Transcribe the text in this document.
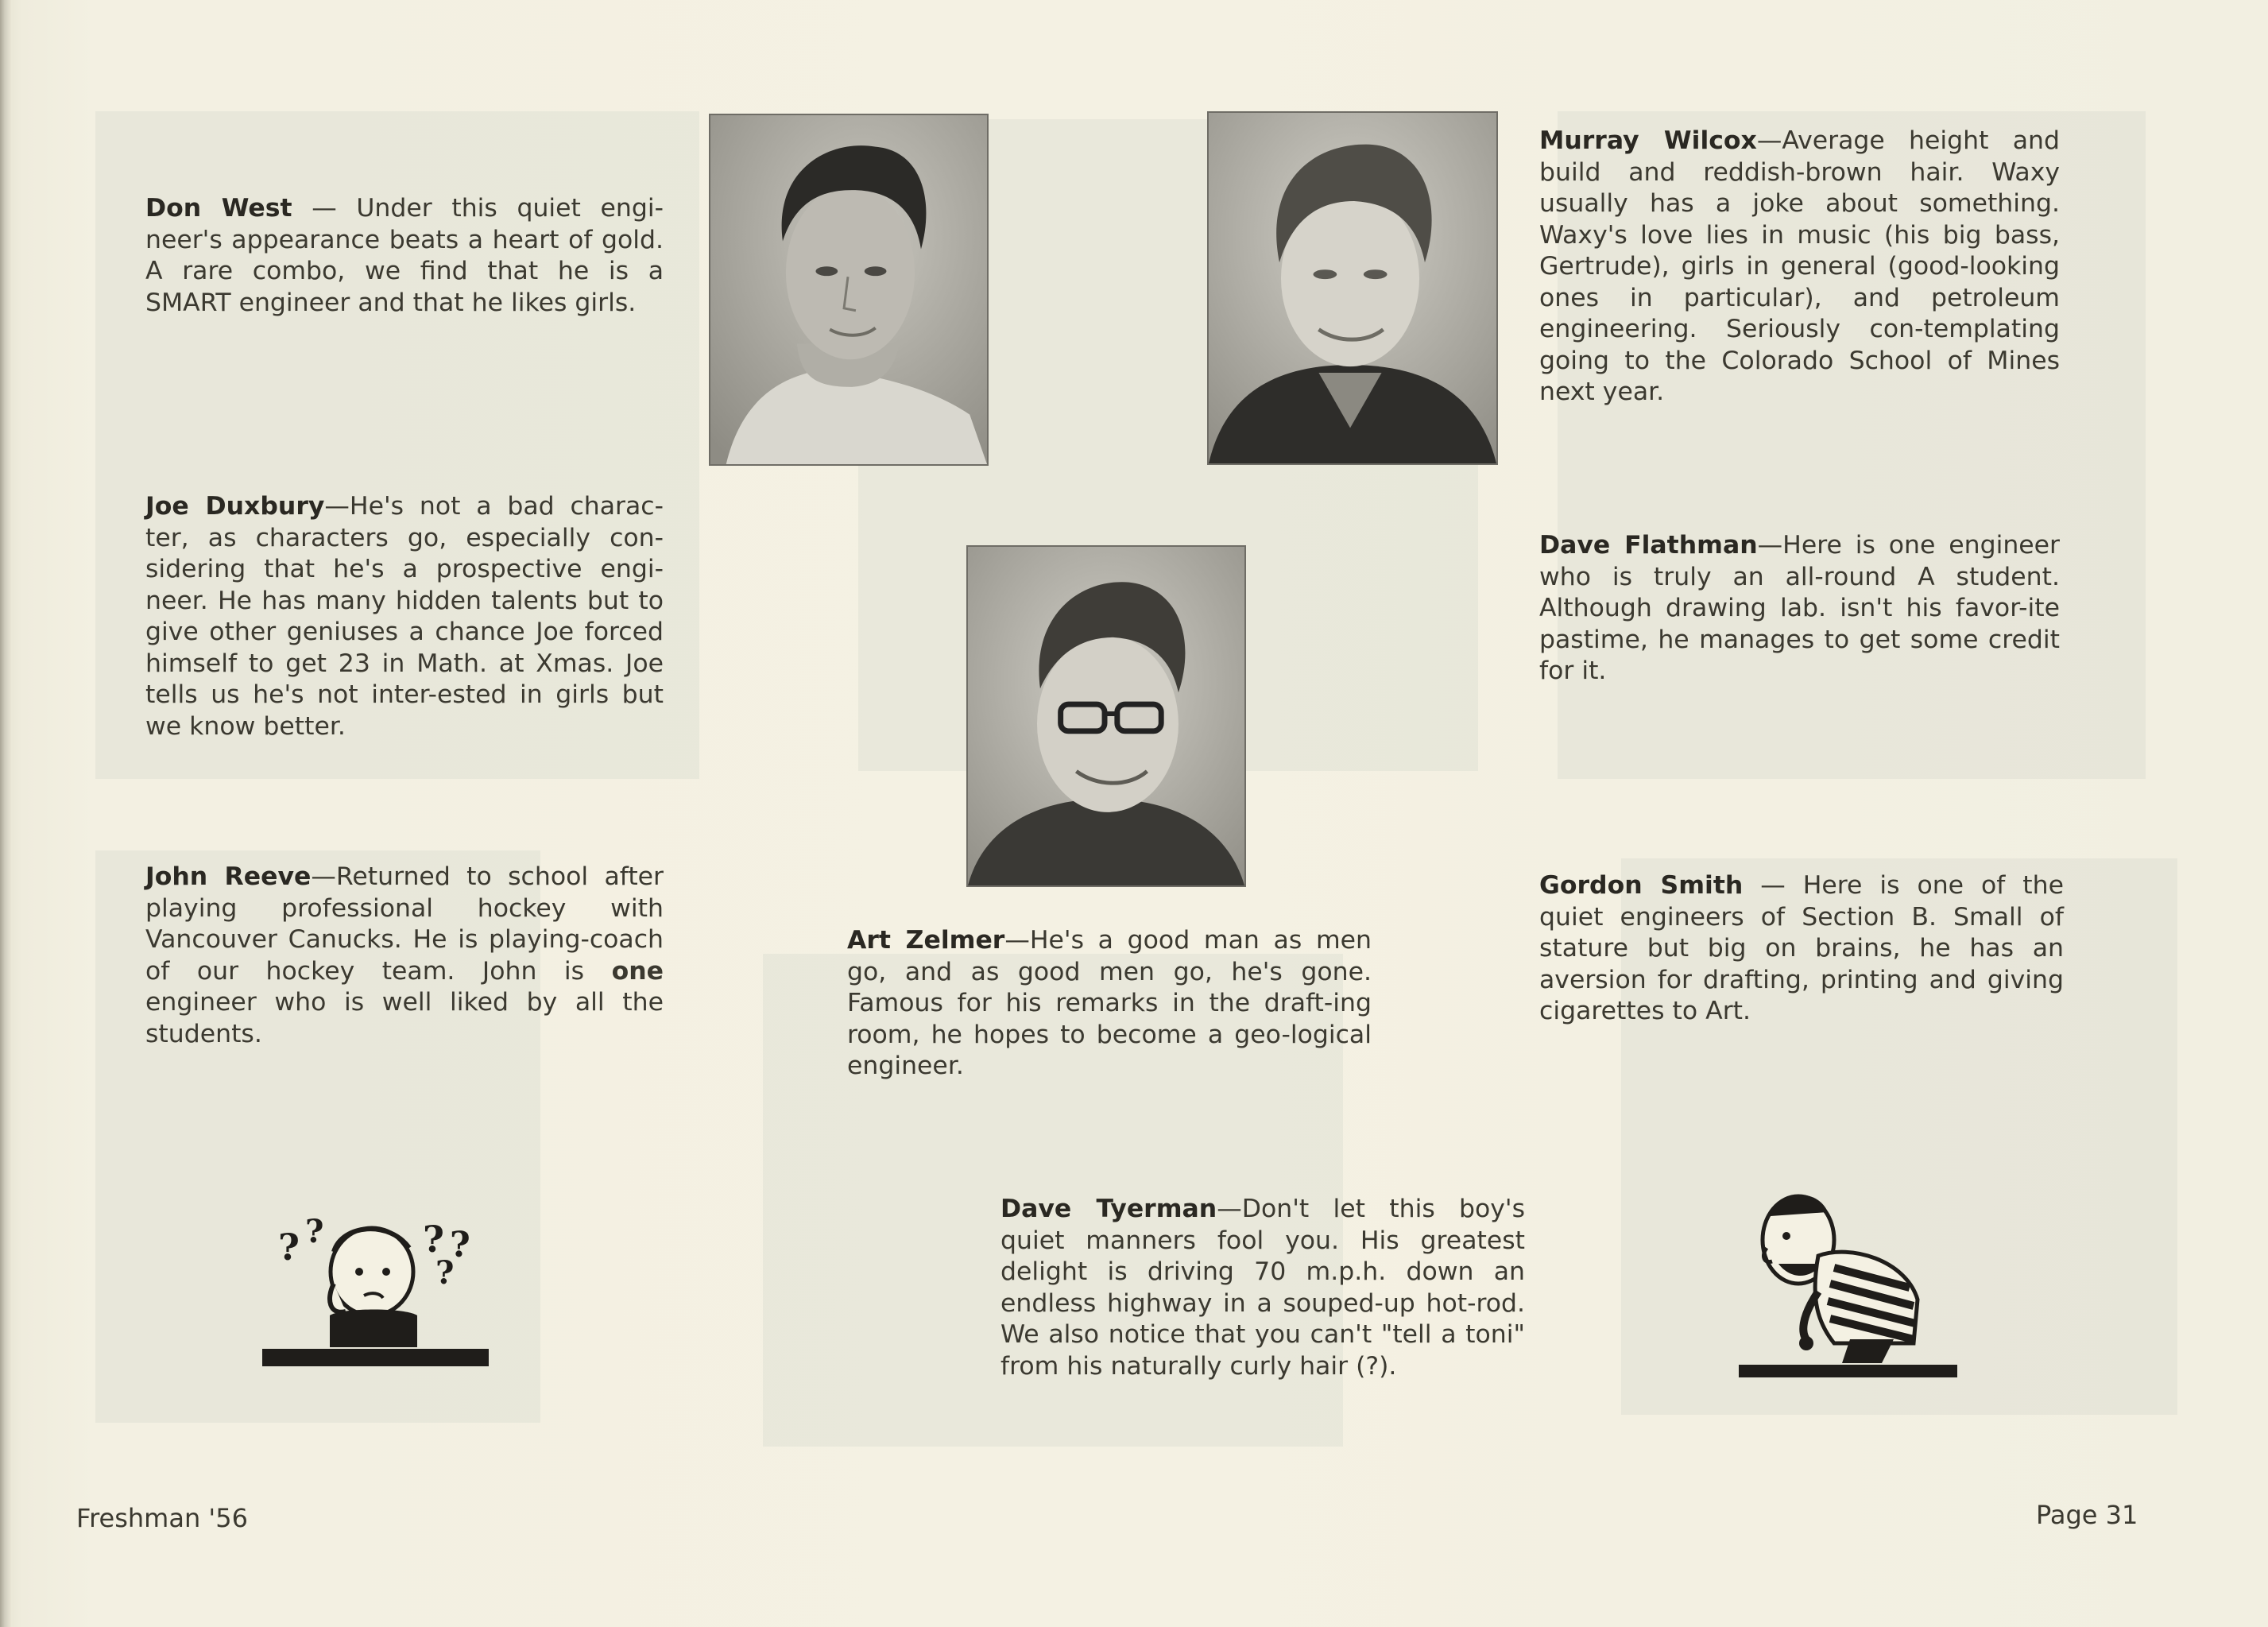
Don West — Under this quiet engi-neer's appearance beats a heart of gold. A rare combo, we find that he is a SMART engineer and that he likes girls.

Joe Duxbury—He's not a bad charac-ter, as characters go, especially con-sidering that he's a prospective engi-neer. He has many hidden talents but to give other geniuses a chance Joe forced himself to get 23 in Math. at Xmas. Joe tells us he's not inter-ested in girls but we know better.

John Reeve—Returned to school after playing professional hockey with Vancouver Canucks. He is playing-coach of our hockey team. John is one engineer who is well liked by all the students.

Murray Wilcox—Average height and build and reddish-brown hair. Waxy usually has a joke about something. Waxy's love lies in music (his big bass, Gertrude), girls in general (good-looking ones in particular), and petroleum engineering. Seriously con-templating going to the Colorado School of Mines next year.

Dave Flathman—Here is one engineer who is truly an all-round A student. Although drawing lab. isn't his favor-ite pastime, he manages to get some credit for it.

Art Zelmer—He's a good man as men go, and as good men go, he's gone. Famous for his remarks in the draft-ing room, he hopes to become a geo-logical engineer.

Gordon Smith — Here is one of the quiet engineers of Section B. Small of stature but big on brains, he has an aversion for drafting, printing and giving cigarettes to Art.

Dave Tyerman—Don't let this boy's quiet manners fool you. His greatest delight is driving 70 m.p.h. down an endless highway in a souped-up hot-rod. We also notice that you can't "tell a toni" from his naturally curly hair (?).

? ?	? ?
?
Freshman '56	Page 31
